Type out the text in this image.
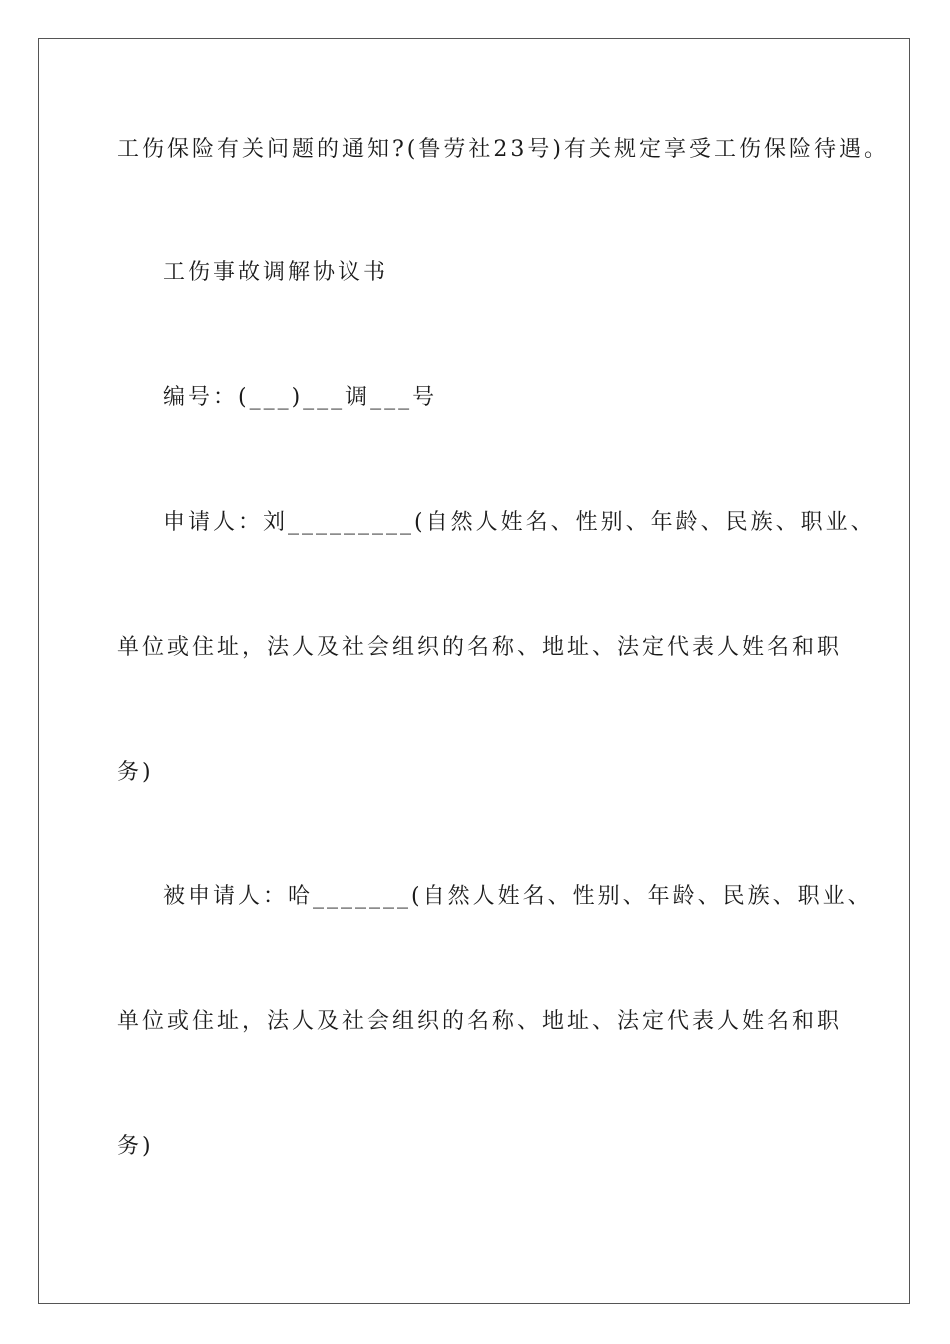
工伤保险有关问题的通知?(鲁劳社23号)有关规定享受工伤保险待遇。
工伤事故调解协议书
编号：(___)___调___号
申请人：刘_________(自然人姓名、性别、年龄、民族、职业、
单位或住址，法人及社会组织的名称、地址、法定代表人姓名和职
务)
被申请人：哈_______(自然人姓名、性别、年龄、民族、职业、
单位或住址，法人及社会组织的名称、地址、法定代表人姓名和职
务)
